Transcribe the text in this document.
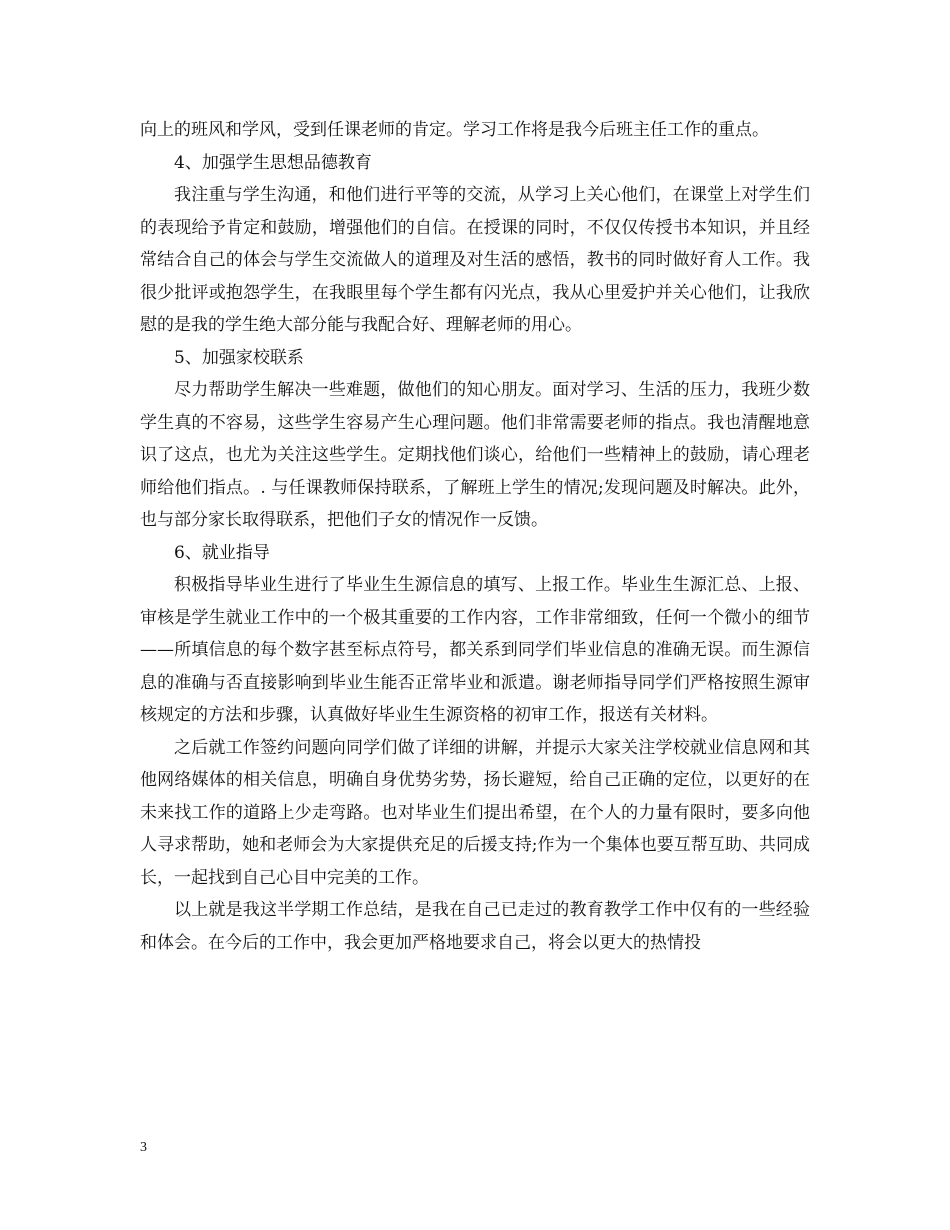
向上的班风和学风，受到任课老师的肯定。学习工作将是我今后班主任工作的重点。

4、加强学生思想品德教育

我注重与学生沟通，和他们进行平等的交流，从学习上关心他们，在课堂上对学生们的表现给予肯定和鼓励，增强他们的自信。在授课的同时，不仅仅传授书本知识，并且经常结合自己的体会与学生交流做人的道理及对生活的感悟，教书的同时做好育人工作。我很少批评或抱怨学生，在我眼里每个学生都有闪光点，我从心里爱护并关心他们，让我欣慰的是我的学生绝大部分能与我配合好、理解老师的用心。

5、加强家校联系

尽力帮助学生解决一些难题，做他们的知心朋友。面对学习、生活的压力，我班少数学生真的不容易，这些学生容易产生心理问题。他们非常需要老师的指点。我也清醒地意识了这点，也尤为关注这些学生。定期找他们谈心，给他们一些精神上的鼓励，请心理老师给他们指点。. 与任课教师保持联系，了解班上学生的情况;发现问题及时解决。此外，也与部分家长取得联系，把他们子女的情况作一反馈。

6、就业指导

积极指导毕业生进行了毕业生生源信息的填写、上报工作。毕业生生源汇总、上报、审核是学生就业工作中的一个极其重要的工作内容，工作非常细致，任何一个微小的细节——所填信息的每个数字甚至标点符号，都关系到同学们毕业信息的准确无误。而生源信息的准确与否直接影响到毕业生能否正常毕业和派遣。谢老师指导同学们严格按照生源审核规定的方法和步骤，认真做好毕业生生源资格的初审工作，报送有关材料。

之后就工作签约问题向同学们做了详细的讲解，并提示大家关注学校就业信息网和其他网络媒体的相关信息，明确自身优势劣势，扬长避短，给自己正确的定位，以更好的在未来找工作的道路上少走弯路。也对毕业生们提出希望，在个人的力量有限时，要多向他人寻求帮助，她和老师会为大家提供充足的后援支持;作为一个集体也要互帮互助、共同成长，一起找到自己心目中完美的工作。

以上就是我这半学期工作总结，是我在自己已走过的教育教学工作中仅有的一些经验和体会。在今后的工作中，我会更加严格地要求自己，将会以更大的热情投

3
